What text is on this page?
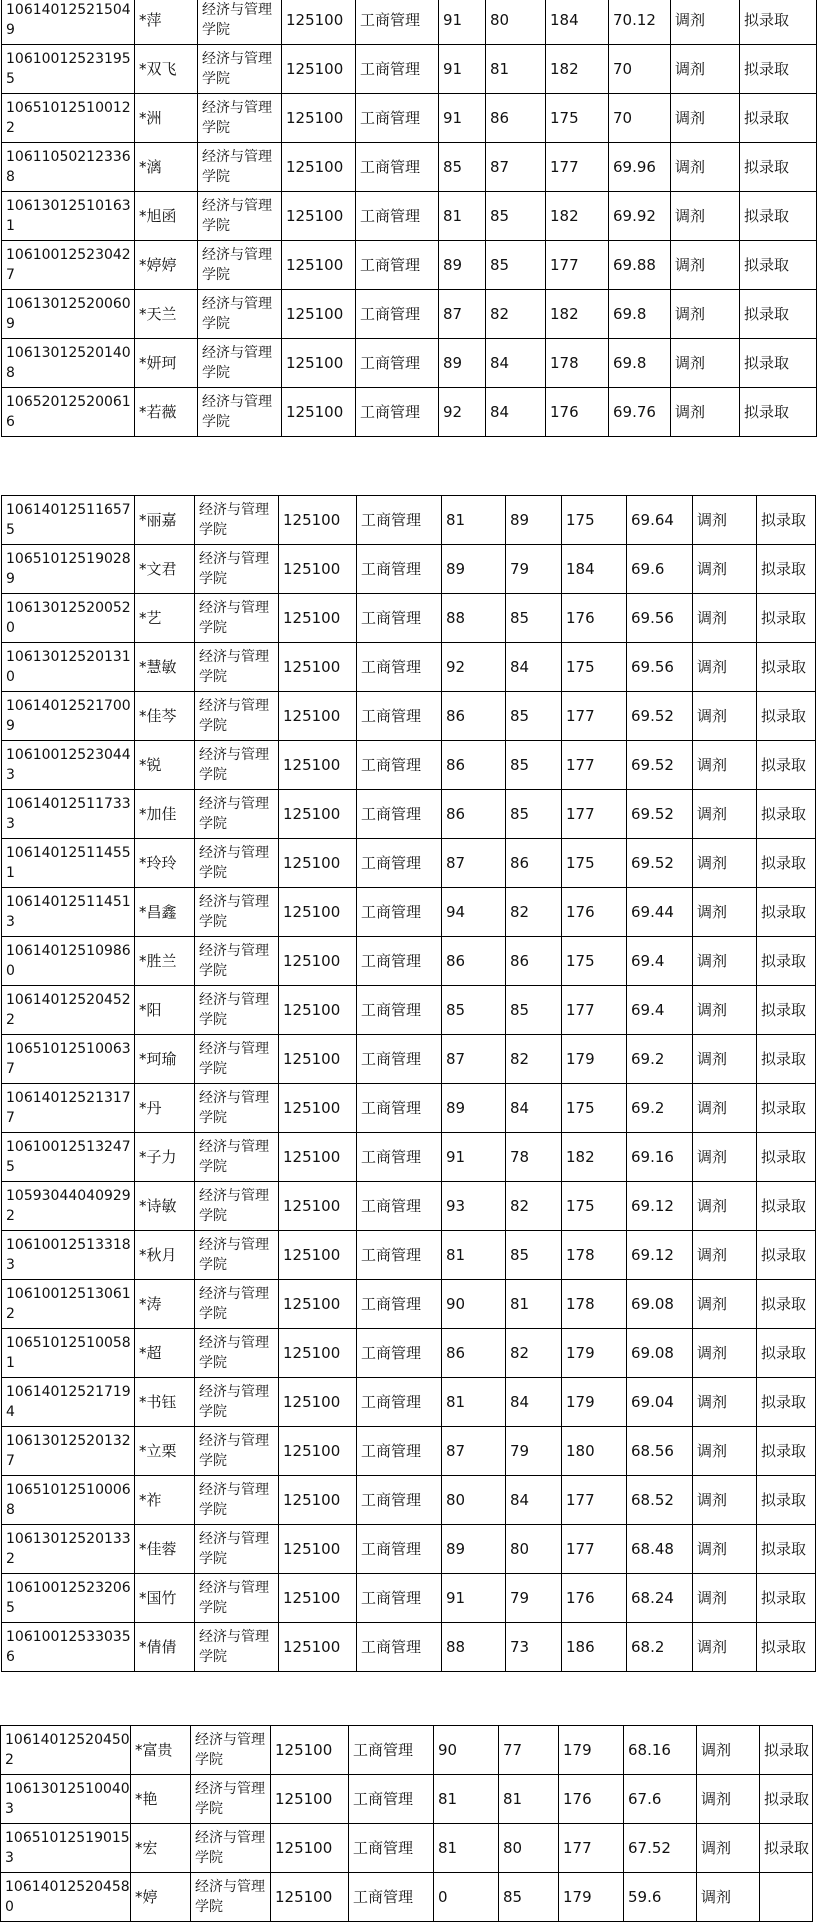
106140125215049	*萍	经济与管理学院	125100	工商管理	91	80	184	70.12	调剂	拟录取
106100125231955	*双飞	经济与管理学院	125100	工商管理	91	81	182	70	调剂	拟录取
106510125100122	*洲	经济与管理学院	125100	工商管理	91	86	175	70	调剂	拟录取
106110502123368	*漓	经济与管理学院	125100	工商管理	85	87	177	69.96	调剂	拟录取
106130125101631	*旭函	经济与管理学院	125100	工商管理	81	85	182	69.92	调剂	拟录取
106100125230427	*婷婷	经济与管理学院	125100	工商管理	89	85	177	69.88	调剂	拟录取
106130125200609	*天兰	经济与管理学院	125100	工商管理	87	82	182	69.8	调剂	拟录取
106130125201408	*妍珂	经济与管理学院	125100	工商管理	89	84	178	69.8	调剂	拟录取
106520125200616	*若薇	经济与管理学院	125100	工商管理	92	84	176	69.76	调剂	拟录取
106140125116575	*丽嘉	经济与管理学院	125100	工商管理	81	89	175	69.64	调剂	拟录取
106510125190289	*文君	经济与管理学院	125100	工商管理	89	79	184	69.6	调剂	拟录取
106130125200520	*艺	经济与管理学院	125100	工商管理	88	85	176	69.56	调剂	拟录取
106130125201310	*慧敏	经济与管理学院	125100	工商管理	92	84	175	69.56	调剂	拟录取
106140125217009	*佳芩	经济与管理学院	125100	工商管理	86	85	177	69.52	调剂	拟录取
106100125230443	*锐	经济与管理学院	125100	工商管理	86	85	177	69.52	调剂	拟录取
106140125117333	*加佳	经济与管理学院	125100	工商管理	86	85	177	69.52	调剂	拟录取
106140125114551	*玲玲	经济与管理学院	125100	工商管理	87	86	175	69.52	调剂	拟录取
106140125114513	*昌鑫	经济与管理学院	125100	工商管理	94	82	176	69.44	调剂	拟录取
106140125109860	*胜兰	经济与管理学院	125100	工商管理	86	86	175	69.4	调剂	拟录取
106140125204522	*阳	经济与管理学院	125100	工商管理	85	85	177	69.4	调剂	拟录取
106510125100637	*珂瑜	经济与管理学院	125100	工商管理	87	82	179	69.2	调剂	拟录取
106140125213177	*丹	经济与管理学院	125100	工商管理	89	84	175	69.2	调剂	拟录取
106100125132475	*子力	经济与管理学院	125100	工商管理	91	78	182	69.16	调剂	拟录取
105930440409292	*诗敏	经济与管理学院	125100	工商管理	93	82	175	69.12	调剂	拟录取
106100125133183	*秋月	经济与管理学院	125100	工商管理	81	85	178	69.12	调剂	拟录取
106100125130612	*涛	经济与管理学院	125100	工商管理	90	81	178	69.08	调剂	拟录取
106510125100581	*超	经济与管理学院	125100	工商管理	86	82	179	69.08	调剂	拟录取
106140125217194	*书钰	经济与管理学院	125100	工商管理	81	84	179	69.04	调剂	拟录取
106130125201327	*立栗	经济与管理学院	125100	工商管理	87	79	180	68.56	调剂	拟录取
106510125100068	*祚	经济与管理学院	125100	工商管理	80	84	177	68.52	调剂	拟录取
106130125201332	*佳蓉	经济与管理学院	125100	工商管理	89	80	177	68.48	调剂	拟录取
106100125232065	*国竹	经济与管理学院	125100	工商管理	91	79	176	68.24	调剂	拟录取
106100125330356	*倩倩	经济与管理学院	125100	工商管理	88	73	186	68.2	调剂	拟录取
106140125204502	*富贵	经济与管理学院	125100	工商管理	90	77	179	68.16	调剂	拟录取
106130125100403	*艳	经济与管理学院	125100	工商管理	81	81	176	67.6	调剂	拟录取
106510125190153	*宏	经济与管理学院	125100	工商管理	81	80	177	67.52	调剂	拟录取
106140125204580	*婷	经济与管理学院	125100	工商管理	0	85	179	59.6	调剂	
